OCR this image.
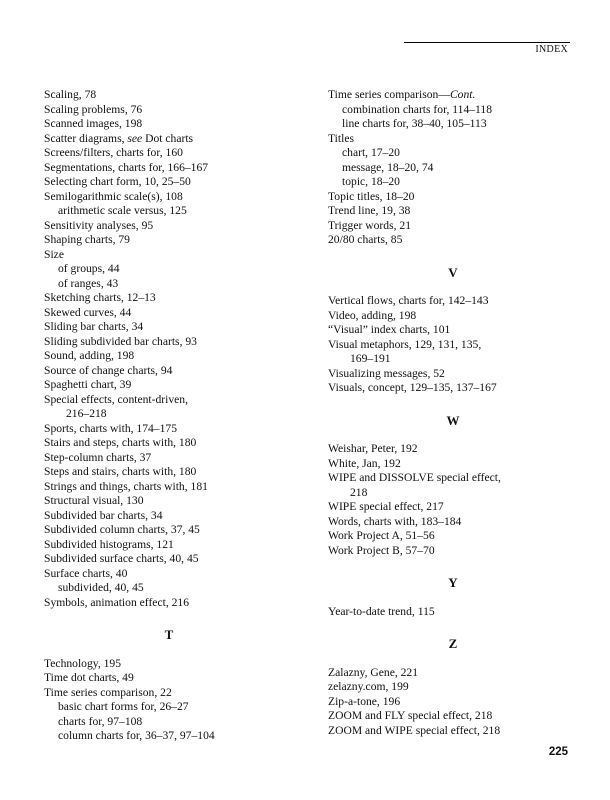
INDEX
Scaling, 78
Scaling problems, 76
Scanned images, 198
Scatter diagrams, see Dot charts
Screens/filters, charts for, 160
Segmentations, charts for, 166–167
Selecting chart form, 10, 25–50
Semilogarithmic scale(s), 108
arithmetic scale versus, 125
Sensitivity analyses, 95
Shaping charts, 79
Size
of groups, 44
of ranges, 43
Sketching charts, 12–13
Skewed curves, 44
Sliding bar charts, 34
Sliding subdivided bar charts, 93
Sound, adding, 198
Source of change charts, 94
Spaghetti chart, 39
Special effects, content-driven,
216–218
Sports, charts with, 174–175
Stairs and steps, charts with, 180
Step-column charts, 37
Steps and stairs, charts with, 180
Strings and things, charts with, 181
Structural visual, 130
Subdivided bar charts, 34
Subdivided column charts, 37, 45
Subdivided histograms, 121
Subdivided surface charts, 40, 45
Surface charts, 40
subdivided, 40, 45
Symbols, animation effect, 216
T
Technology, 195
Time dot charts, 49
Time series comparison, 22
basic chart forms for, 26–27
charts for, 97–108
column charts for, 36–37, 97–104
Time series comparison—Cont.
combination charts for, 114–118
line charts for, 38–40, 105–113
Titles
chart, 17–20
message, 18–20, 74
topic, 18–20
Topic titles, 18–20
Trend line, 19, 38
Trigger words, 21
20/80 charts, 85
V
Vertical flows, charts for, 142–143
Video, adding, 198
“Visual” index charts, 101
Visual metaphors, 129, 131, 135,
169–191
Visualizing messages, 52
Visuals, concept, 129–135, 137–167
W
Weishar, Peter, 192
White, Jan, 192
WIPE and DISSOLVE special effect,
218
WIPE special effect, 217
Words, charts with, 183–184
Work Project A, 51–56
Work Project B, 57–70
Y
Year-to-date trend, 115
Z
Zalazny, Gene, 221
zelazny.com, 199
Zip-a-tone, 196
ZOOM and FLY special effect, 218
ZOOM and WIPE special effect, 218
225
